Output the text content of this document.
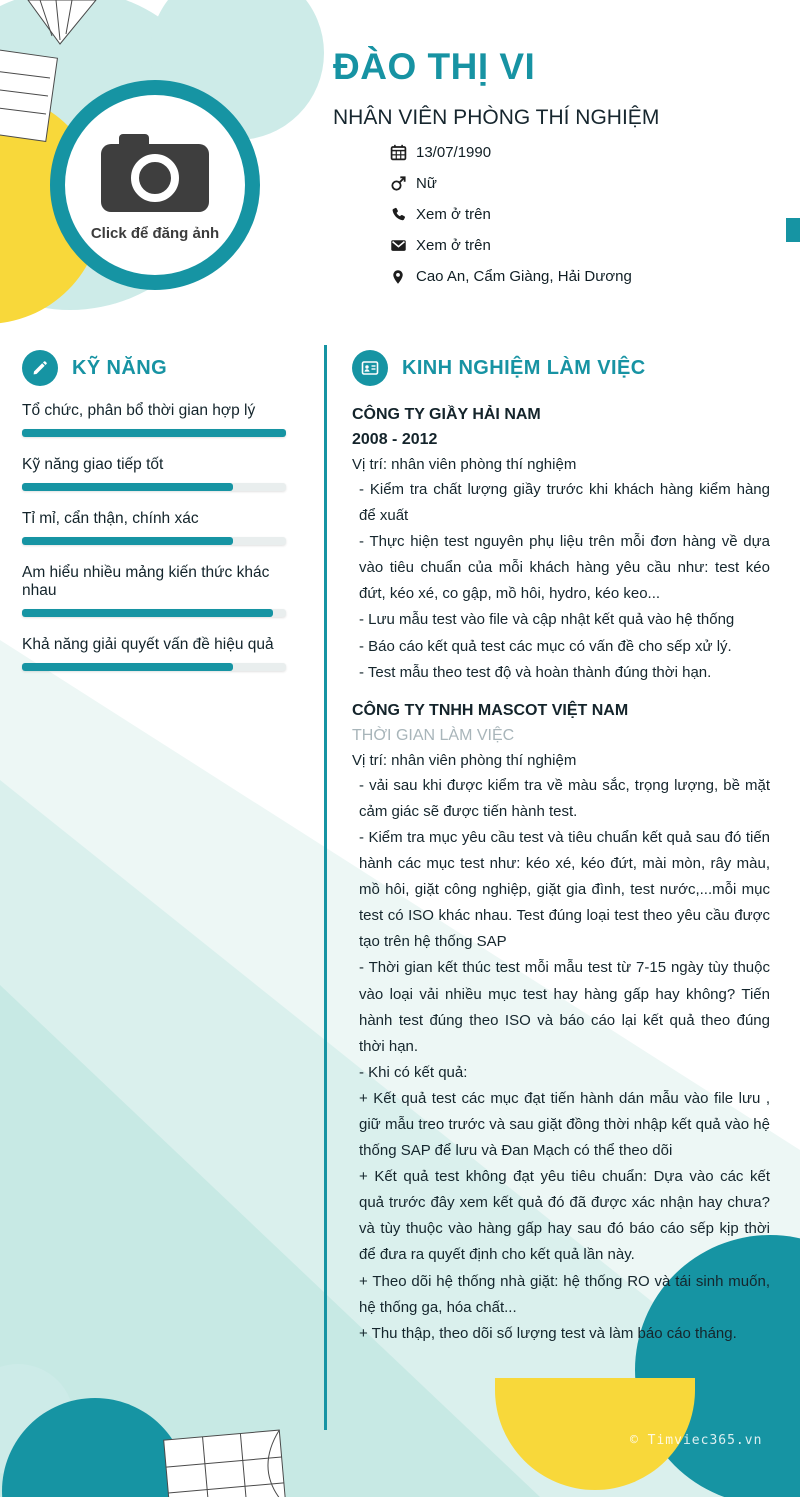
Click để đăng ảnh
ĐÀO THỊ VI
NHÂN VIÊN PHÒNG THÍ NGHIỆM
13/07/1990
Nữ
Xem ở trên
Xem ở trên
Cao An, Cẩm Giàng, Hải Dương
KỸ NĂNG
Tổ chức, phân bổ thời gian hợp lý
Kỹ năng giao tiếp tốt
Tỉ mỉ, cẩn thận, chính xác
Am hiểu nhiều mảng kiến thức khác nhau
Khả năng giải quyết vấn đề hiệu quả
KINH NGHIỆM LÀM VIỆC
CÔNG TY GIẦY HẢI NAM
2008 - 2012
Vị trí: nhân viên phòng thí nghiệm

- Kiểm tra chất lượng giầy trước khi khách hàng kiểm hàng để xuất

- Thực hiện test nguyên phụ liệu trên mỗi đơn hàng về dựa vào tiêu chuẩn của mỗi khách hàng yêu cầu như: test kéo đứt, kéo xé, co gập, mồ hôi, hydro, kéo keo...

- Lưu mẫu test vào file và cập nhật kết quả vào hệ thống

- Báo cáo kết quả test các mục có vấn đề cho sếp xử lý.

- Test mẫu theo test độ và hoàn thành đúng thời hạn.

CÔNG TY TNHH MASCOT VIỆT NAM
THỜI GIAN LÀM VIỆC
Vị trí: nhân viên phòng thí nghiệm

- vải sau khi được kiểm tra về màu sắc, trọng lượng, bề mặt cảm giác sẽ được tiến hành test.

- Kiểm tra mục yêu cầu test và tiêu chuẩn kết quả sau đó tiến hành các mục test như: kéo xé, kéo đứt, mài mòn, rây màu, mồ hôi, giặt công nghiệp, giặt gia đình, test nước,...mỗi mục test có ISO khác nhau. Test đúng loại test theo yêu cầu được tạo trên hệ thống SAP

- Thời gian kết thúc test mỗi mẫu test từ 7-15 ngày tùy thuộc vào loại vải nhiều mục test hay hàng gấp hay không? Tiến hành test đúng theo ISO và báo cáo lại kết quả theo đúng thời hạn.

- Khi có kết quả:

+ Kết quả test các mục đạt tiến hành dán mẫu vào file lưu , giữ mẫu treo trước và sau giặt đồng thời nhập kết quả vào hệ thống SAP để lưu và Đan Mạch có thể theo dõi

+ Kết quả test không đạt yêu tiêu chuẩn: Dựa vào các kết quả trước đây xem kết quả đó đã được xác nhận hay chưa? và tùy thuộc vào hàng gấp hay sau đó báo cáo sếp kịp thời để đưa ra quyết định cho kết quả lần này.

+ Theo dõi hệ thống nhà giặt: hệ thống RO và tái sinh muốn, hệ thống ga, hóa chất...

+ Thu thập, theo dõi số lượng test và làm báo cáo tháng.

© Timviec365.vn
